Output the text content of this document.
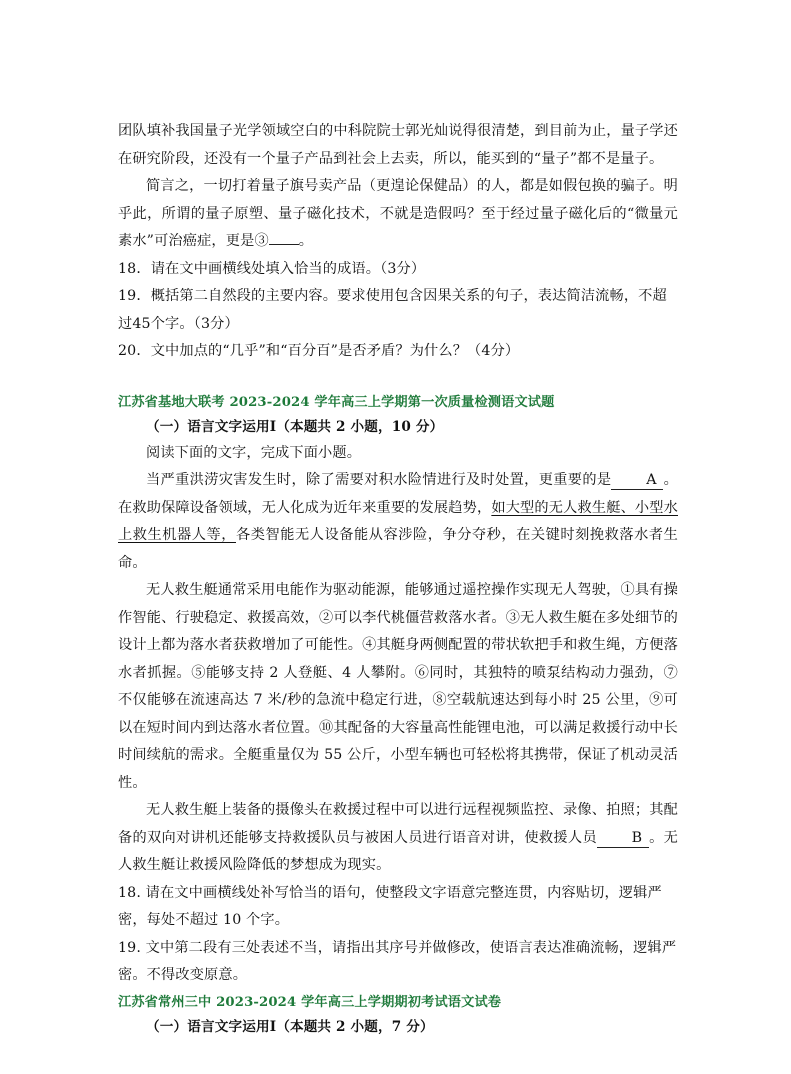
团队填补我国量子光学领域空白的中科院院士郭光灿说得很清楚，到目前为止，量子学还在研究阶段，还没有一个量子产品到社会上去卖，所以，能买到的“量子”都不是量子。

简言之，一切打着量子旗号卖产品（更遑论保健品）的人，都是如假包换的骗子。明乎此，所谓的量子原塑、量子磁化技术，不就是造假吗？至于经过量子磁化后的“微量元素水”可治癌症，更是③ 。

18．请在文中画横线处填入恰当的成语。（3分）

19．概括第二自然段的主要内容。要求使用包含因果关系的句子，表达简洁流畅，不超过45个字。（3分）

20．文中加点的“几乎”和“百分百”是否矛盾？为什么？（4分）

江苏省基地大联考 2023-2024 学年高三上学期第一次质量检测语文试题

（一）语言文字运用Ⅰ（本题共 2 小题，10 分）

阅读下面的文字，完成下面小题。

当严重洪涝灾害发生时，除了需要对积水险情进行及时处置，更重要的是 A 。在救助保障设备领域，无人化成为近年来重要的发展趋势，如大型的无人救生艇、小型水上救生机器人等，各类智能无人设备能从容涉险，争分夺秒，在关键时刻挽救落水者生命。

无人救生艇通常采用电能作为驱动能源，能够通过遥控操作实现无人驾驶，①具有操作智能、行驶稳定、救援高效，②可以李代桃僵营救落水者。③无人救生艇在多处细节的设计上都为落水者获救增加了可能性。④其艇身两侧配置的带状软把手和救生绳，方便落水者抓握。⑤能够支持 2 人登艇、4 人攀附。⑥同时，其独特的喷泵结构动力强劲，⑦不仅能够在流速高达 7 米/秒的急流中稳定行进，⑧空载航速达到每小时 25 公里，⑨可以在短时间内到达落水者位置。⑩其配备的大容量高性能锂电池，可以满足救援行动中长时间续航的需求。全艇重量仅为 55 公斤，小型车辆也可轻松将其携带，保证了机动灵活性。

无人救生艇上装备的摄像头在救援过程中可以进行远程视频监控、录像、拍照；其配备的双向对讲机还能够支持救援队员与被困人员进行语音对讲，使救援人员 B 。无人救生艇让救援风险降低的梦想成为现实。

18. 请在文中画横线处补写恰当的语句，使整段文字语意完整连贯，内容贴切，逻辑严密，每处不超过 10 个字。

19. 文中第二段有三处表述不当，请指出其序号并做修改，使语言表达准确流畅，逻辑严密。不得改变原意。

江苏省常州三中 2023-2024 学年高三上学期期初考试语文试卷

（一）语言文字运用Ⅰ（本题共 2 小题，7 分）
